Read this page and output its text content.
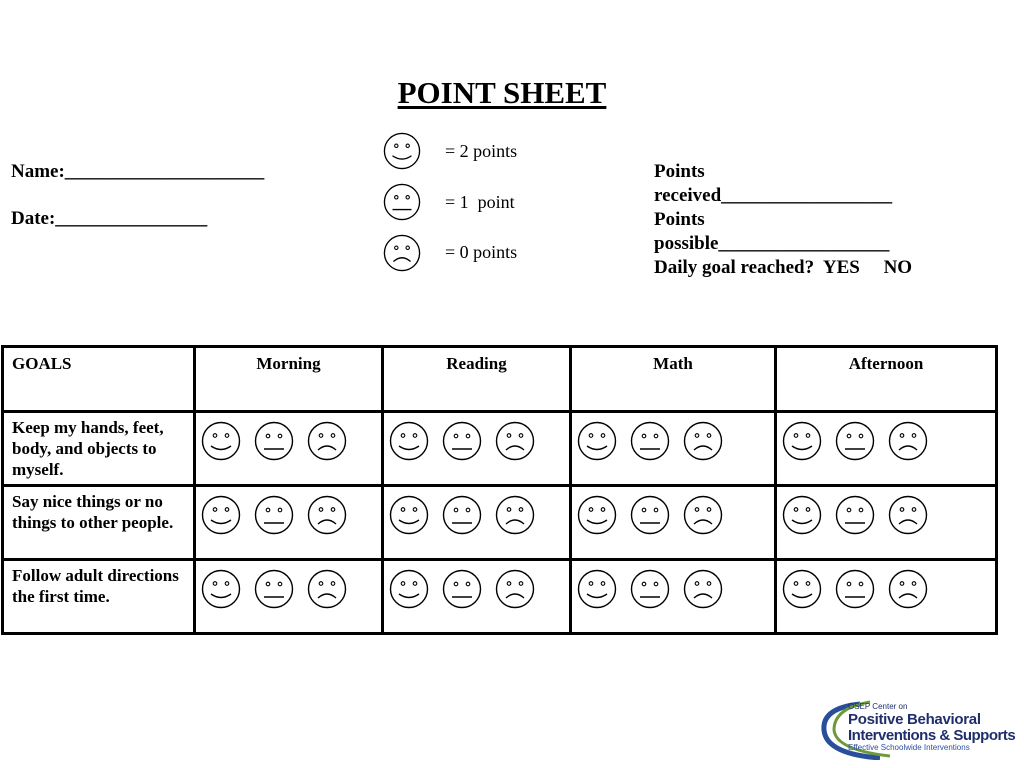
POINT SHEET
Name:_____________________
Date:________________
= 2 points
= 1  point
= 0 points
Points
received__________________
Points
possible__________________
Daily goal reached?  YES     NO
GOALS	Morning	Reading	Math	Afternoon
Keep my hands, feet, body, and objects to myself.	

Say nice things or no things to other people.	

Follow adult directions the first time.	

OSEP Center on
Positive Behavioral
Interventions & Supports
Effective Schoolwide Interventions
